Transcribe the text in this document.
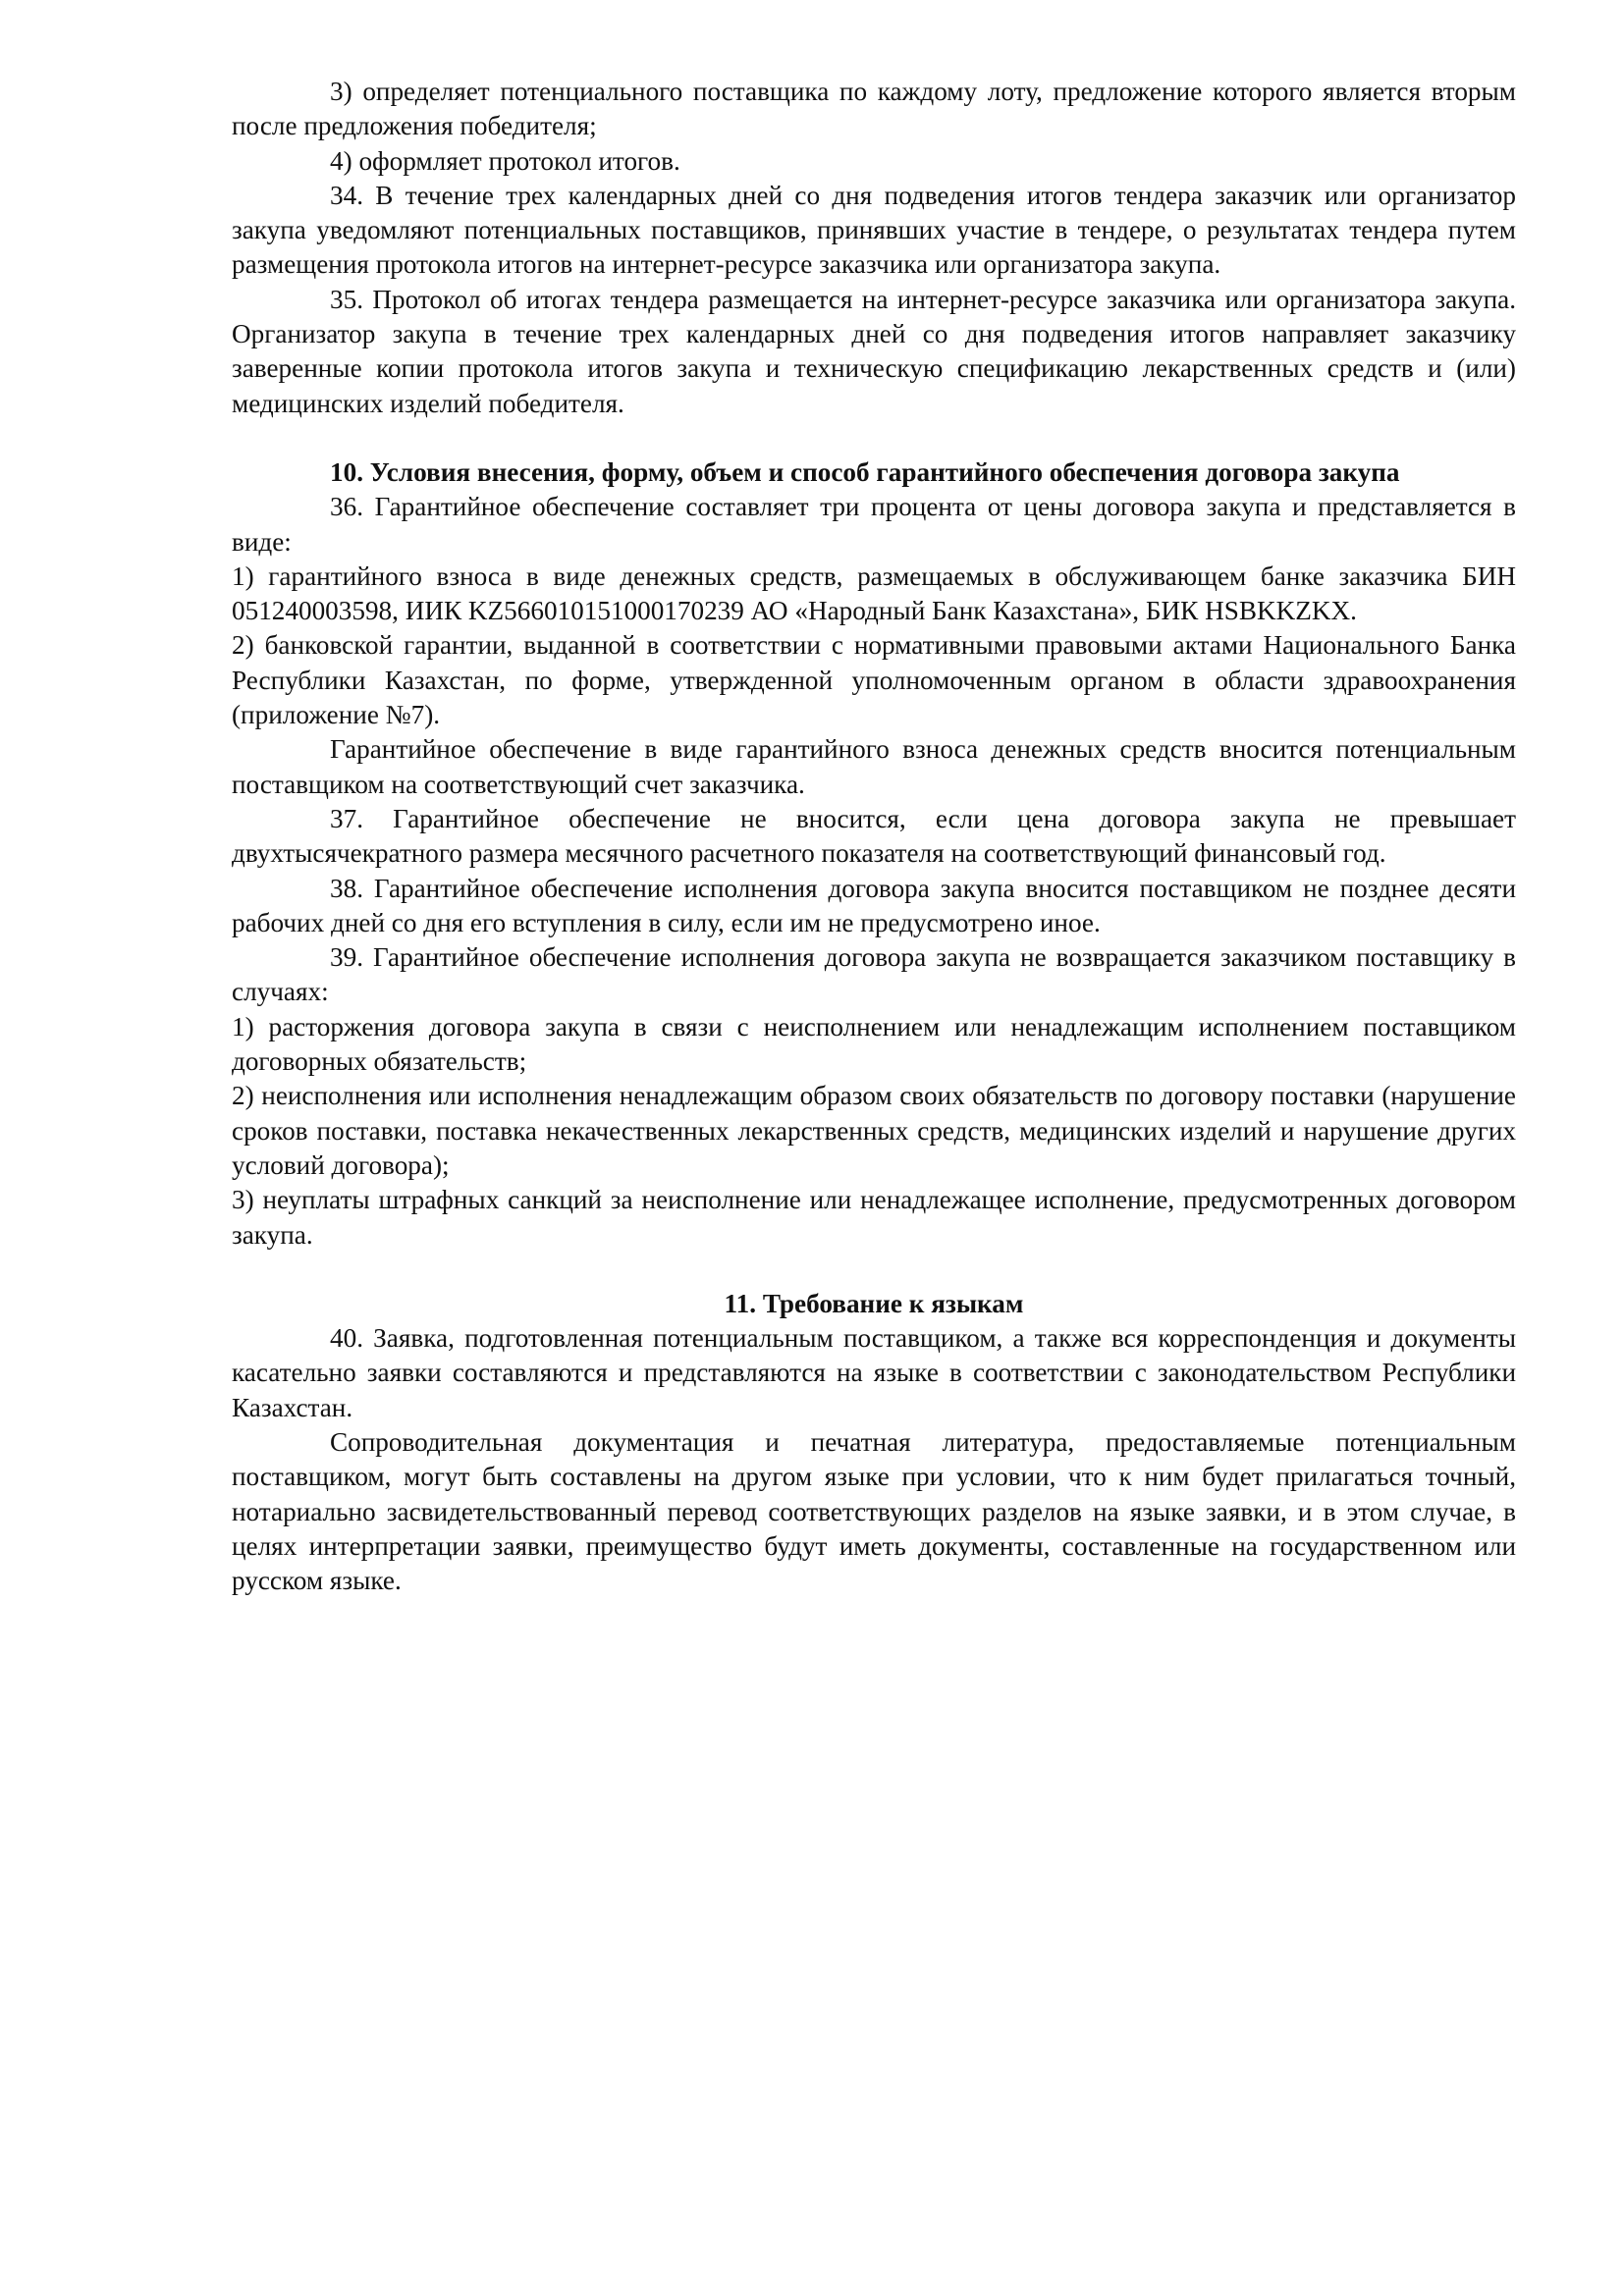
3) определяет потенциального поставщика по каждому лоту, предложение которого является вторым после предложения победителя;

4) оформляет протокол итогов.

34. В течение трех календарных дней со дня подведения итогов тендера заказчик или организатор закупа уведомляют потенциальных поставщиков, принявших участие в тендере, о результатах тендера путем размещения протокола итогов на интернет-ресурсе заказчика или организатора закупа.

35. Протокол об итогах тендера размещается на интернет-ресурсе заказчика или организатора закупа. Организатор закупа в течение трех календарных дней со дня подведения итогов направляет заказчику заверенные копии протокола итогов закупа и техническую спецификацию лекарственных средств и (или) медицинских изделий победителя.

10. Условия внесения, форму, объем и способ гарантийного обеспечения договора закупа

36. Гарантийное обеспечение составляет три процента от цены договора закупа и представляется в виде:

1) гарантийного взноса в виде денежных средств, размещаемых в обслуживающем банке заказчика БИН 051240003598, ИИК KZ566010151000170239 АО «Народный Банк Казахстана», БИК HSBKKZKX.

2) банковской гарантии, выданной в соответствии с нормативными правовыми актами Национального Банка Республики Казахстан, по форме, утвержденной уполномоченным органом в области здравоохранения (приложение №7).

Гарантийное обеспечение в виде гарантийного взноса денежных средств вносится потенциальным поставщиком на соответствующий счет заказчика.

37. Гарантийное обеспечение не вносится, если цена договора закупа не превышает двухтысячекратного размера месячного расчетного показателя на соответствующий финансовый год.

38. Гарантийное обеспечение исполнения договора закупа вносится поставщиком не позднее десяти рабочих дней со дня его вступления в силу, если им не предусмотрено иное.

39. Гарантийное обеспечение исполнения договора закупа не возвращается заказчиком поставщику в случаях:

1) расторжения договора закупа в связи с неисполнением или ненадлежащим исполнением поставщиком договорных обязательств;

2) неисполнения или исполнения ненадлежащим образом своих обязательств по договору поставки (нарушение сроков поставки, поставка некачественных лекарственных средств, медицинских изделий и нарушение других условий договора);

3) неуплаты штрафных санкций за неисполнение или ненадлежащее исполнение, предусмотренных договором закупа.

11. Требование к языкам

40. Заявка, подготовленная потенциальным поставщиком, а также вся корреспонденция и документы касательно заявки составляются и представляются на языке в соответствии с законодательством Республики Казахстан.

Сопроводительная документация и печатная литература, предоставляемые потенциальным поставщиком, могут быть составлены на другом языке при условии, что к ним будет прилагаться точный, нотариально засвидетельствованный перевод соответствующих разделов на языке заявки, и в этом случае, в целях интерпретации заявки, преимущество будут иметь документы, составленные на государственном или русском языке.
